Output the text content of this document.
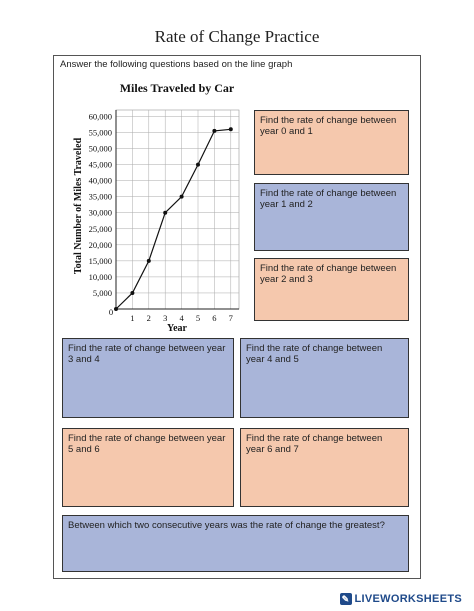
Rate of Change Practice
Answer the following questions based on the line graph
Miles Traveled by Car
Total Number of Miles Traveled
Year
5,000
10,000
15,000
20,000
25,000
30,000
35,000
40,000
45,000
50,000
55,000
60,000
0
1 2 3 4 5 6 7
Find the rate of change between year 0 and 1
Find the rate of change between year 1 and 2
Find the rate of change between year 2 and 3
Find the rate of change between year 3 and 4
Find the rate of change between year 4 and 5
Find the rate of change between year 5 and 6
Find the rate of change between year 6 and 7
Between which two consecutive years was the rate of change the greatest?
✎ LIVEWORKSHEETS
